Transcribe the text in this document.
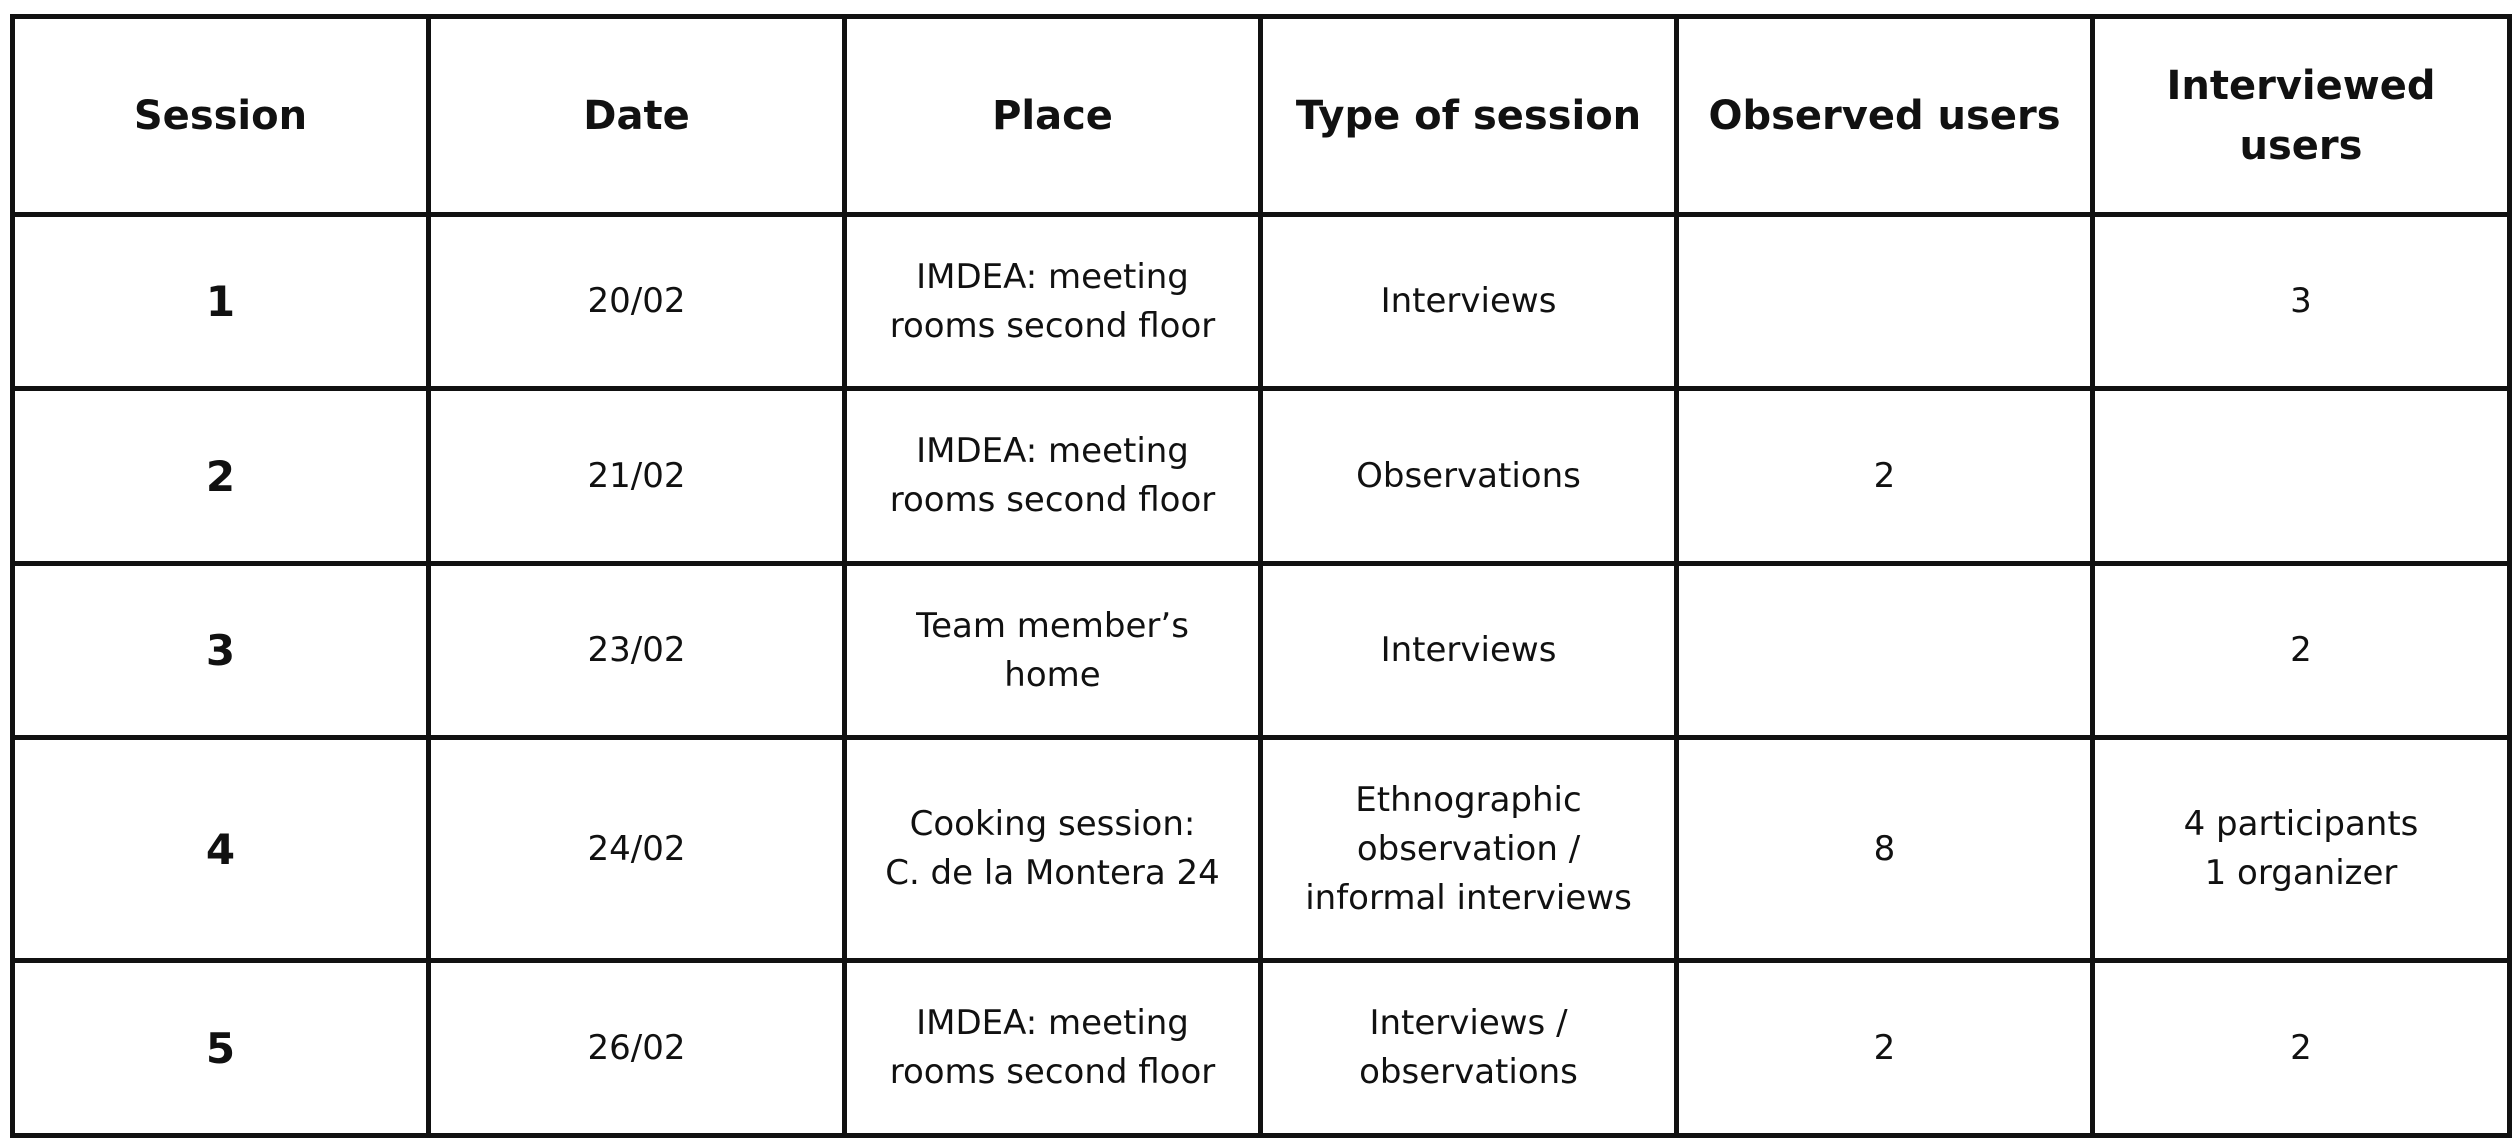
Session	Date	Place	Type of session	Observed users	Interviewed
users

1	20/02	IMDEA: meeting
rooms second floor	Interviews		3

2	21/02	IMDEA: meeting
rooms second floor	Observations	2	

3	23/02	Team member’s
home	Interviews		2

4	24/02	Cooking session:
C. de la Montera 24	Ethnographic
observation /
informal interviews	8	4 participants
1 organizer

5	26/02	IMDEA: meeting
rooms second floor	Interviews /
observations	2	2
